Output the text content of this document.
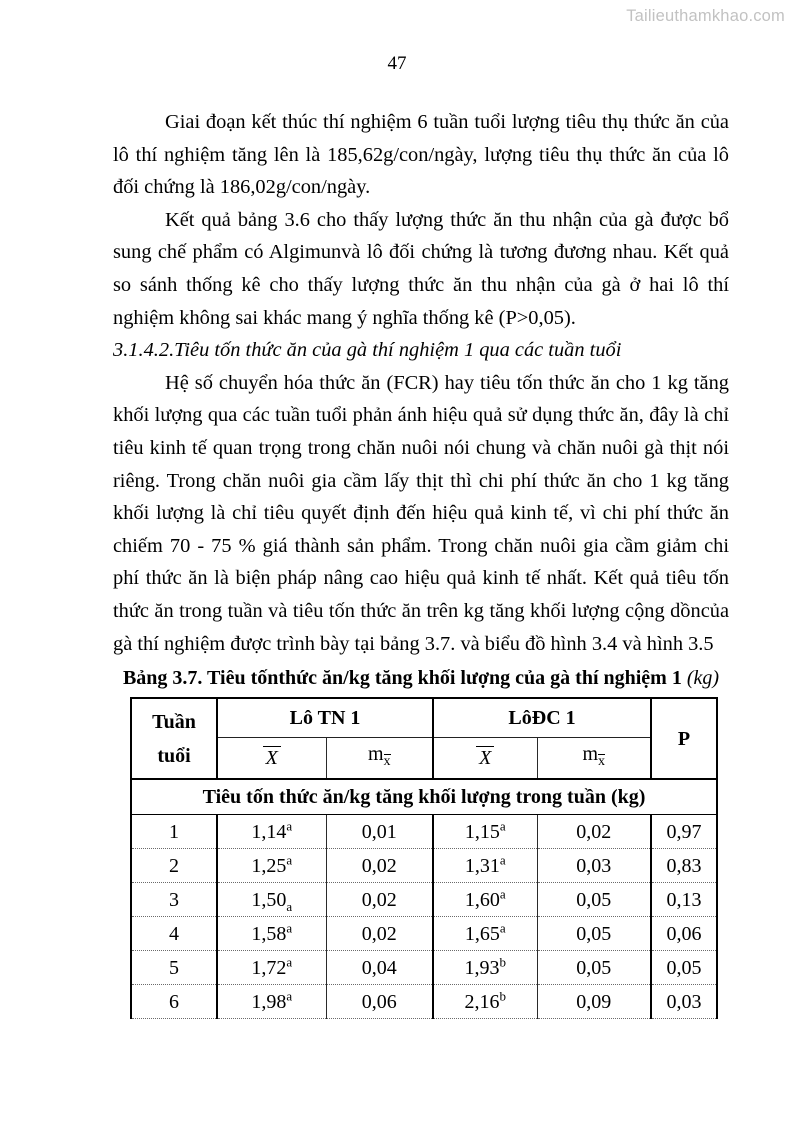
Tailieuthamkhao.com
47

Giai đoạn kết thúc thí nghiệm 6 tuần tuổi lượng tiêu thụ thức ăn của lô thí nghiệm tăng lên là 185,62g/con/ngày, lượng tiêu thụ thức ăn của lô đối chứng là 186,02g/con/ngày.

Kết quả bảng 3.6 cho thấy lượng thức ăn thu nhận của gà được bổ sung chế phẩm có Algimunvà lô đối chứng là tương đương nhau. Kết quả so sánh thống kê cho thấy lượng thức ăn thu nhận của gà ở hai lô thí nghiệm không sai khác mang ý nghĩa thống kê (P>0,05).

3.1.4.2.Tiêu tốn thức ăn của gà thí nghiệm 1 qua các tuần tuổi

Hệ số chuyển hóa thức ăn (FCR) hay tiêu tốn thức ăn cho 1 kg tăng khối lượng qua các tuần tuổi phản ánh hiệu quả sử dụng thức ăn, đây là chỉ tiêu kinh tế quan trọng trong chăn nuôi nói chung và chăn nuôi gà thịt nói riêng. Trong chăn nuôi gia cầm lấy thịt thì chi phí thức ăn cho 1 kg tăng khối lượng là chỉ tiêu quyết định đến hiệu quả kinh tế, vì chi phí thức ăn chiếm 70 - 75 % giá thành sản phẩm. Trong chăn nuôi gia cầm giảm chi phí thức ăn là biện pháp nâng cao hiệu quả kinh tế nhất. Kết quả tiêu tốn thức ăn trong tuần và tiêu tốn thức ăn trên kg tăng khối lượng cộng dồncủa gà thí nghiệm được trình bày tại bảng 3.7. và biểu đồ hình 3.4 và hình 3.5

Bảng 3.7. Tiêu tốnthức ăn/kg tăng khối lượng của gà thí nghiệm 1 (kg)
Tuần tuổi	Lô TN 1		LôĐC 1		P
	X	$m_x$	X	$m_x$
Tiêu tốn thức ăn/kg tăng khối lượng trong tuần (kg)					
1	1,14$^a$	0,01	1,15$^a$	0,02	0,97
2	1,25$^a$	0,02	1,31$^a$	0,03	0,83
3	$1,50_a$	0,02	1,60$^a$	0,05	0,13
4	1,58$^a$	0,02	1,65$^a$	0,05	0,06
5	1,72$^a$	0,04	1,93$^b$	0,05	0,05
6	1,98$^a$	0,06	2,16$^b$	0,09	0,03
